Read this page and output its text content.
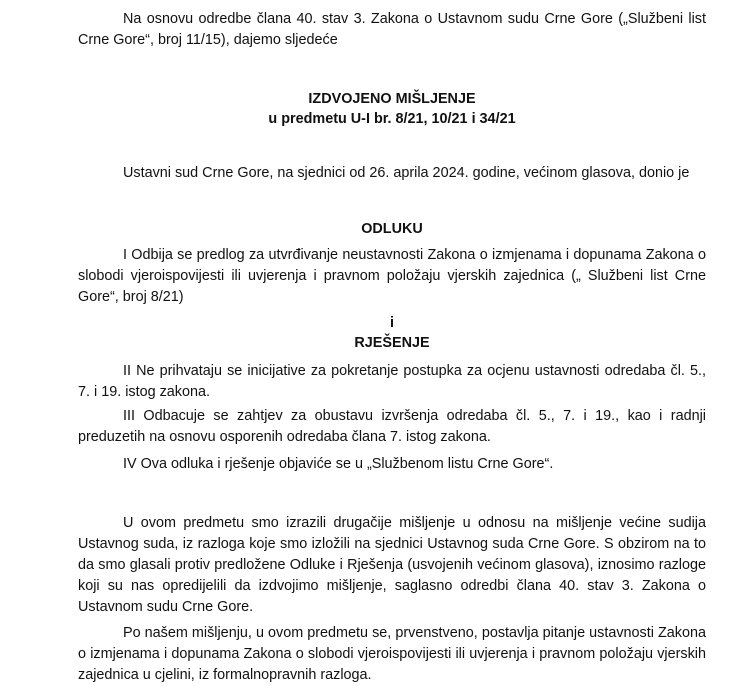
Na osnovu odredbe člana 40. stav 3. Zakona o Ustavnom sudu Crne Gore („Službeni list Crne Gore“, broj 11/15), dajemo sljedeće

IZDVOJENO MIŠLJENJE

u predmetu U-I br. 8/21, 10/21 i 34/21

Ustavni sud Crne Gore, na sjednici od 26. aprila 2024. godine, većinom glasova, donio je

ODLUKU

I Odbija se predlog za utvrđivanje neustavnosti Zakona o izmjenama i dopunama Zakona o slobodi vjeroispovijesti ili uvjerenja i pravnom položaju vjerskih zajednica („ Službeni list Crne Gore“, broj 8/21)

i

RJEŠENJE

II Ne prihvataju se inicijative za pokretanje postupka za ocjenu ustavnosti odredaba čl. 5., 7. i 19. istog zakona.

III Odbacuje se zahtjev za obustavu izvršenja odredaba čl. 5., 7. i 19., kao i radnji preduzetih na osnovu osporenih odredaba člana 7. istog zakona.

IV Ova odluka i rješenje objaviće se u „Službenom listu Crne Gore“.

U ovom predmetu smo izrazili drugačije mišljenje u odnosu na mišljenje većine sudija Ustavnog suda, iz razloga koje smo izložili na sjednici Ustavnog suda Crne Gore. S obzirom na to da smo glasali protiv predložene Odluke i Rješenja (usvojenih većinom glasova), iznosimo razloge koji su nas opredijelili da izdvojimo mišljenje, saglasno odredbi člana 40. stav 3. Zakona o Ustavnom sudu Crne Gore.

Po našem mišljenju, u ovom predmetu se, prvenstveno, postavlja pitanje ustavnosti Zakona o izmjenama i dopunama Zakona o slobodi vjeroispovijesti ili uvjerenja i pravnom položaju vjerskih zajednica u cjelini, iz formalnopravnih razloga.
